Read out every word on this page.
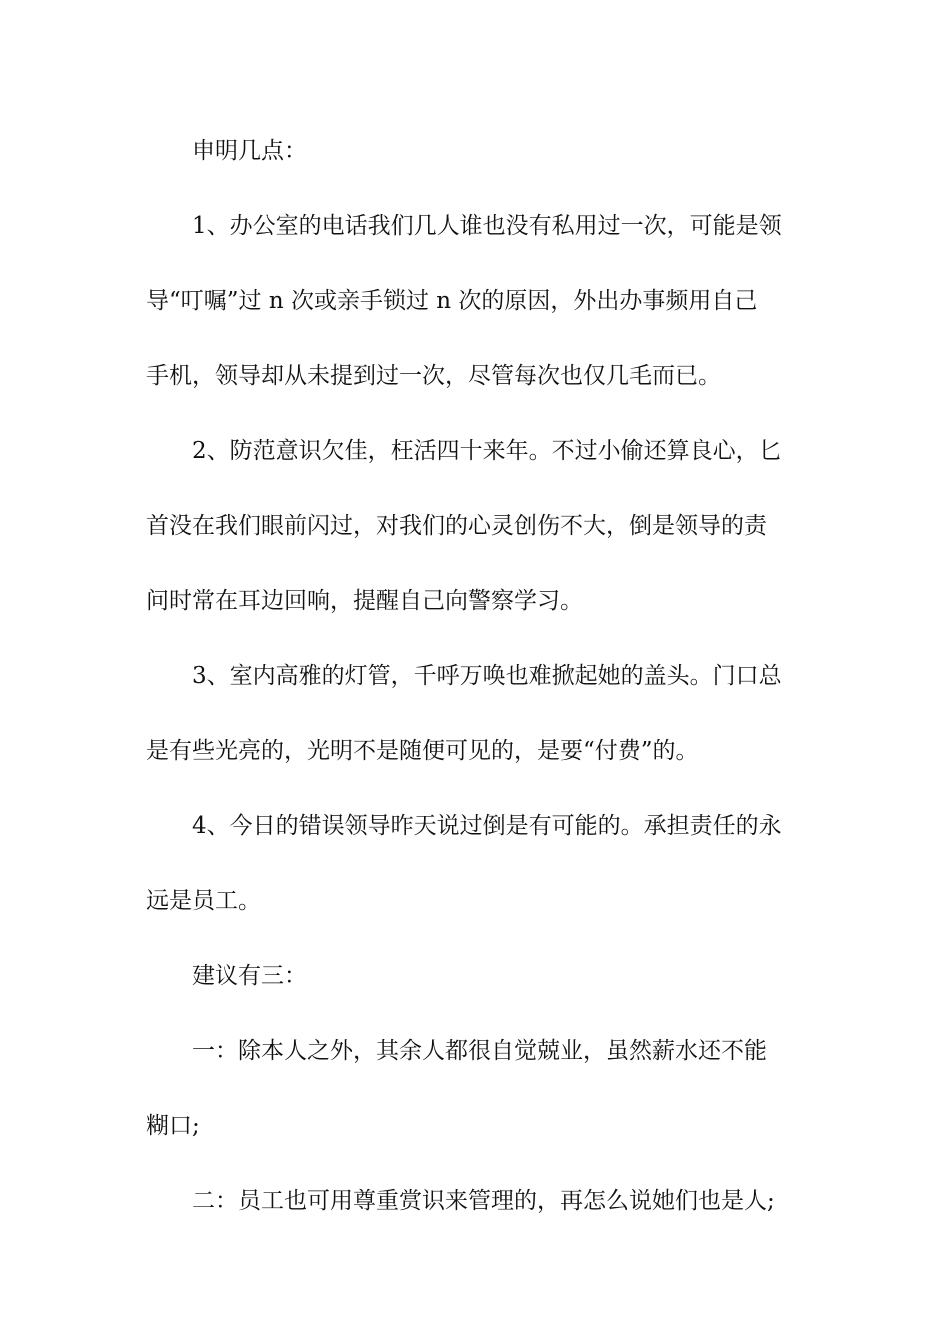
申明几点：
1、办公室的电话我们几人谁也没有私用过一次，可能是领
导“叮嘱”过 n 次或亲手锁过 n 次的原因，外出办事频用自己
手机，领导却从未提到过一次，尽管每次也仅几毛而已。
2、防范意识欠佳，枉活四十来年。不过小偷还算良心，匕
首没在我们眼前闪过，对我们的心灵创伤不大，倒是领导的责
问时常在耳边回响，提醒自己向警察学习。
3、室内高雅的灯管，千呼万唤也难掀起她的盖头。门口总
是有些光亮的，光明不是随便可见的，是要“付费”的。
4、今日的错误领导昨天说过倒是有可能的。承担责任的永
远是员工。
建议有三：
一：除本人之外，其余人都很自觉兢业，虽然薪水还不能
糊口;
二：员工也可用尊重赏识来管理的，再怎么说她们也是人;
